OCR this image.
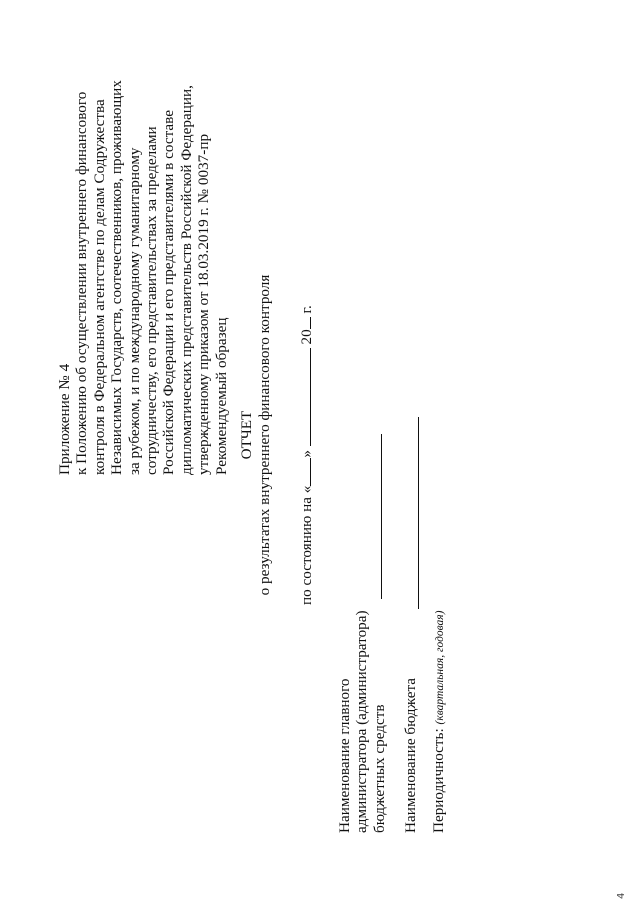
Приложение № 4 к Положению об осуществлении внутреннего финансового контроля в Федеральном агентстве по делам Содружества Независимых Государств, соотечественников, проживающих за рубежом, и по международному гуманитарному сотрудничеству, его представительствах за пределами Российской Федерации и его представителями в составе дипломатических представительств Российской Федерации, утвержденному приказом от 18.03.2019 г. № 0037-пр Рекомендуемый образец ОТЧЕТ о результатах внутреннего финансового контроля по состоянию на «»  20 г.
Наименование главного администратора (администратора) бюджетных средств Наименование бюджета Периодичность: (квартальная, годовая)
4
